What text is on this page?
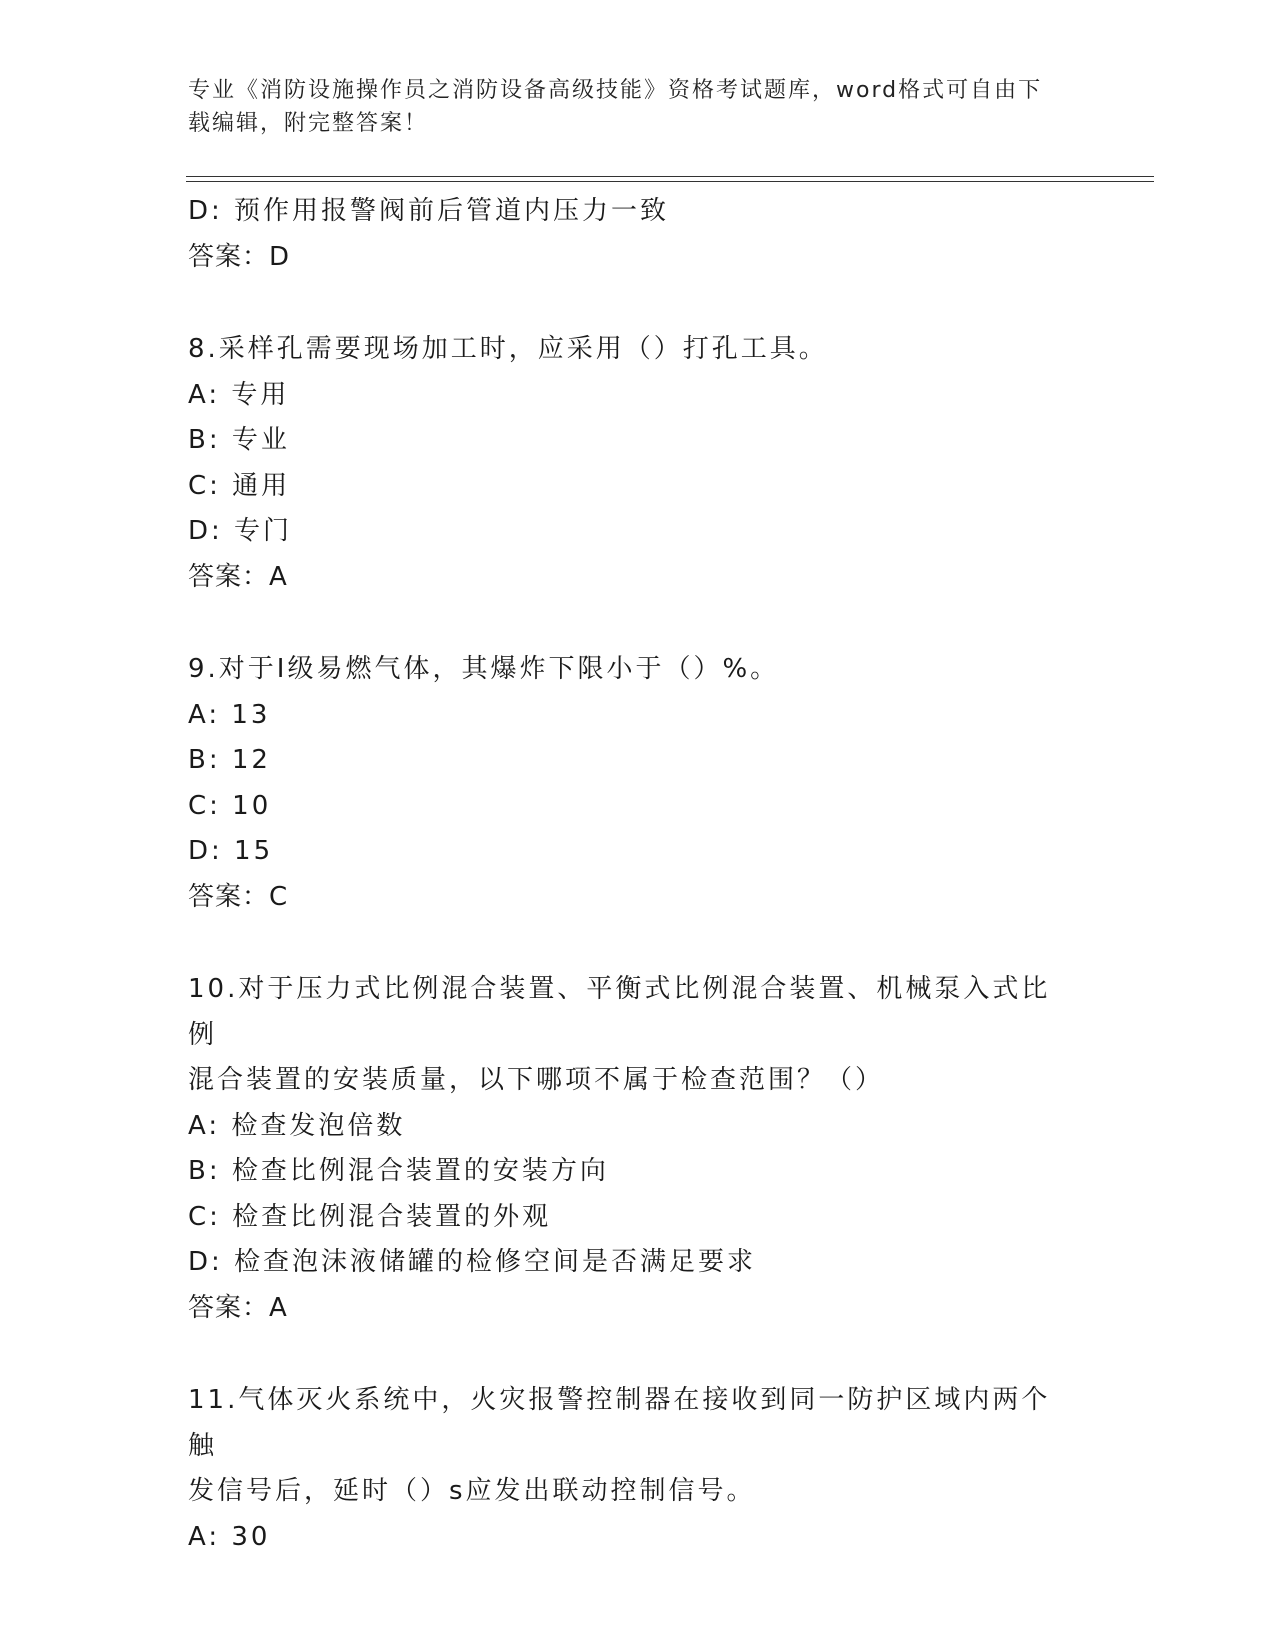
专业《消防设施操作员之消防设备高级技能》资格考试题库，word格式可自由下
载编辑，附完整答案！
D: 预作用报警阀前后管道内压力一致
答案：D
8.采样孔需要现场加工时，应采用（）打孔工具。
A: 专用
B: 专业
C: 通用
D: 专门
答案：A
9.对于Ⅰ级易燃气体，其爆炸下限小于（）%。
A: 13
B: 12
C: 10
D: 15
答案：C
10.对于压力式比例混合装置、平衡式比例混合装置、机械泵入式比例
混合装置的安装质量，以下哪项不属于检查范围？（）
A: 检查发泡倍数
B: 检查比例混合装置的安装方向
C: 检查比例混合装置的外观
D: 检查泡沫液储罐的检修空间是否满足要求
答案：A
11.气体灭火系统中，火灾报警控制器在接收到同一防护区域内两个触
发信号后，延时（）s应发出联动控制信号。
A: 30
